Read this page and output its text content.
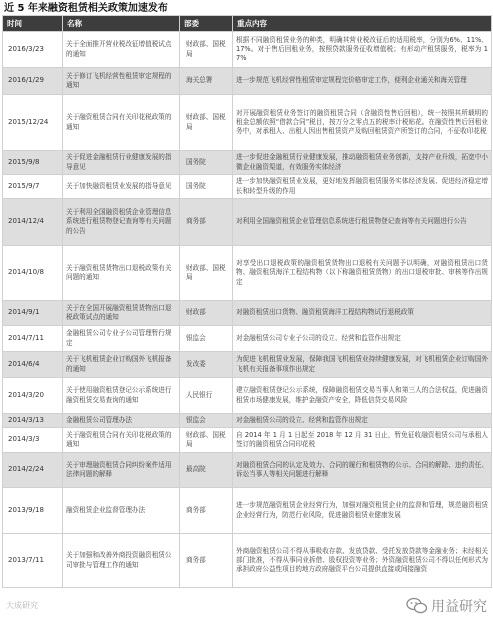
近 5 年来融资租赁相关政策加速发布
时间	名称	部委	重点内容
2016/3/23	关于全面推开营业税改征增值税试点的通知	财政部、国税局	根据不同融资租赁业务的种类，明确其营业税改征后的适用税率，分别为6%、11%、17%。对于售后回租业务，按照贷款服务征收增值税；有形动产租赁服务，税率为 17%
2016/1/29	关于修订飞机经营性租赁审定规程的通知	海关总署	进一步规范飞机经营性租赁审定规程完价格审定工作，便利企业通关和海关管理
2015/12/24	关于融资租赁合同有关印花税政策的通知	财政部、国税局	对开展融资租赁业务签订的融资租赁合同（含融资性售后回租），统一按照其所载明的租金总额依照“借款合同”税目，按万分之零点五的税率计税贴花。在融资性售后回租业务中，对承租人、出租人因出售租赁资产及购回租赁资产所签订的合同，不征收印花税
2015/9/8	关于促进金融租赁行业健康发展的指导意见	国务院	进一步促进金融租赁行业健康发展，推动融资租赁业务创新，支持产业升级，拓宽中小微企业融资渠道，有效服务实体经济
2015/9/7	关于加快融资租赁业发展的指导意见	国务院	进一步加快融资租赁业发展，更好地发挥融资租赁服务实体经济发展、促进经济稳定增长和转型升级的作用
2014/12/4	关于利用全国融资租赁企业管理信息系统进行租赁物登记查询等有关问题的公告	商务部	对利用全国融资租赁企业管理信息系统进行租赁物登记查询等有关问题进行公告
2014/10/8	关于融资租赁货物出口退税政策有关问题的通知	财政部、国税局	对享受出口退税政策的融资租赁货物出口退税有关问题予以明确，对融资租赁出口货物、融资租赁海洋工程结构物（以下称融资租赁货物）的出口退税审批、审核等作出规定
2014/9/1	关于在全国开展融资租赁货物出口退税政策试点的通知	财政部	对融资租赁出口货物、融资租赁海洋工程结构物试行退税政策
2014/7/11	金融租赁公司专业子公司管理暂行规定	银监会	对金融租赁公司专业子公司的设立、经营和监管作出规定
2014/6/4	关于飞机租赁企业订购国外飞机报备的通知	发改委	为促进飞机租赁业发展，保障我国飞机租赁业持续健康发展，对飞机租赁企业订购国外飞机有关报备事项作出规定
2014/3/20	关于使用融资租赁登记公示系统进行融资租赁交易查询的通知	人民银行	建立融资租赁登记公示系统，保障融资租赁交易当事人和第三人的合法权益，促进融资租赁市场健康发展，维护金融资产安全，降低信贷交易风险
2014/3/13	金融租赁公司管理办法	银监会	对金融租赁公司的设立、经营和监管作出规定
2014/3/3	关于融资租赁合同有关印花税政策的通知	财政部、国税局	自 2014 年 1 月 1 日起至 2018 年 12 月 31 日止，暂免征收融资租赁公司与承租人签订的融资租赁合同印花税
2014/2/24	关于审理融资租赁合同纠纷案件适用法律问题的解释	最高院	对融资租赁合同的认定及效力、合同的履行和租赁物的公示、合同的解除、违约责任、诉讼当事人等相关问题进行解释
2013/9/18	融资租赁企业监督管理办法	商务部	进一步规范融资租赁企业经营行为，加强对融资租赁企业的监督和管理，规范融资租赁企业经营行为，防范行业风险，促进融资租赁业健康发展
2013/7/11	关于加强和改善外商投资融资租赁公司审批与管理工作的通知	商务部	外商融资租赁公司不得从事吸收存款、发放贷款、受托发放贷款等金融业务；未经相关部门批准，不得从事同业拆借、股权投资等业务；外资融资租赁公司不得以任何形式为承担政府公益性项目的地方政府融资平台公司提供直接或间接融资
大成研究	用益研究
